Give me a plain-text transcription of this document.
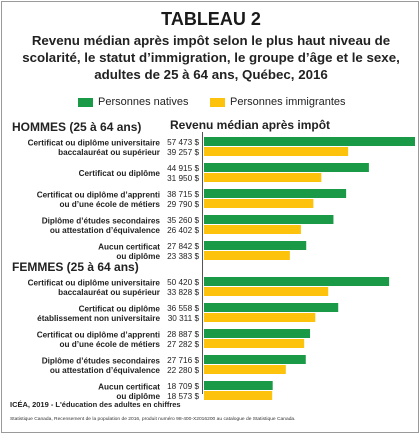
TABLEAU 2
Revenu médian après impôt selon le plus haut niveau de
scolarité, le statut d’immigration, le groupe d’âge et le sexe,
adultes de 25 à 64 ans, Québec, 2016
Personnes natives	Personnes immigrantes
HOMMES (25 à 64 ans) Revenu médian après impôt
FEMMES (25 à 64 ans)
Certificat ou diplôme universitaire
baccalauréat ou supérieur
57 473 $
39 257 $
Certificat ou diplôme
44 915 $
31 950 $
Certificat ou diplôme d’apprenti
ou d’une école de métiers
38 715 $
29 790 $
Diplôme d’études secondaires
ou attestation d’équivalence
35 260 $
26 402 $
Aucun certificat
ou diplôme
27 842 $
23 383 $
Certificat ou diplôme universitaire
baccalauréat ou supérieur
50 420 $
33 828 $
Certificat ou diplôme
établissement non universitaire
36 558 $
30 311 $
Certificat ou diplôme d’apprenti
ou d’une école de métiers
28 887 $
27 282 $
Diplôme d’études secondaires
ou attestation d’équivalence
27 716 $
22 280 $
Aucun certificat
ou diplôme
18 709 $
18 573 $
ICÉA, 2019 - L'éducation des adultes en chiffres
Statistique Canada, Recensement de la population de 2016, produit numéro 98-400-X2016200 au catalogue de Statistique Canada.
